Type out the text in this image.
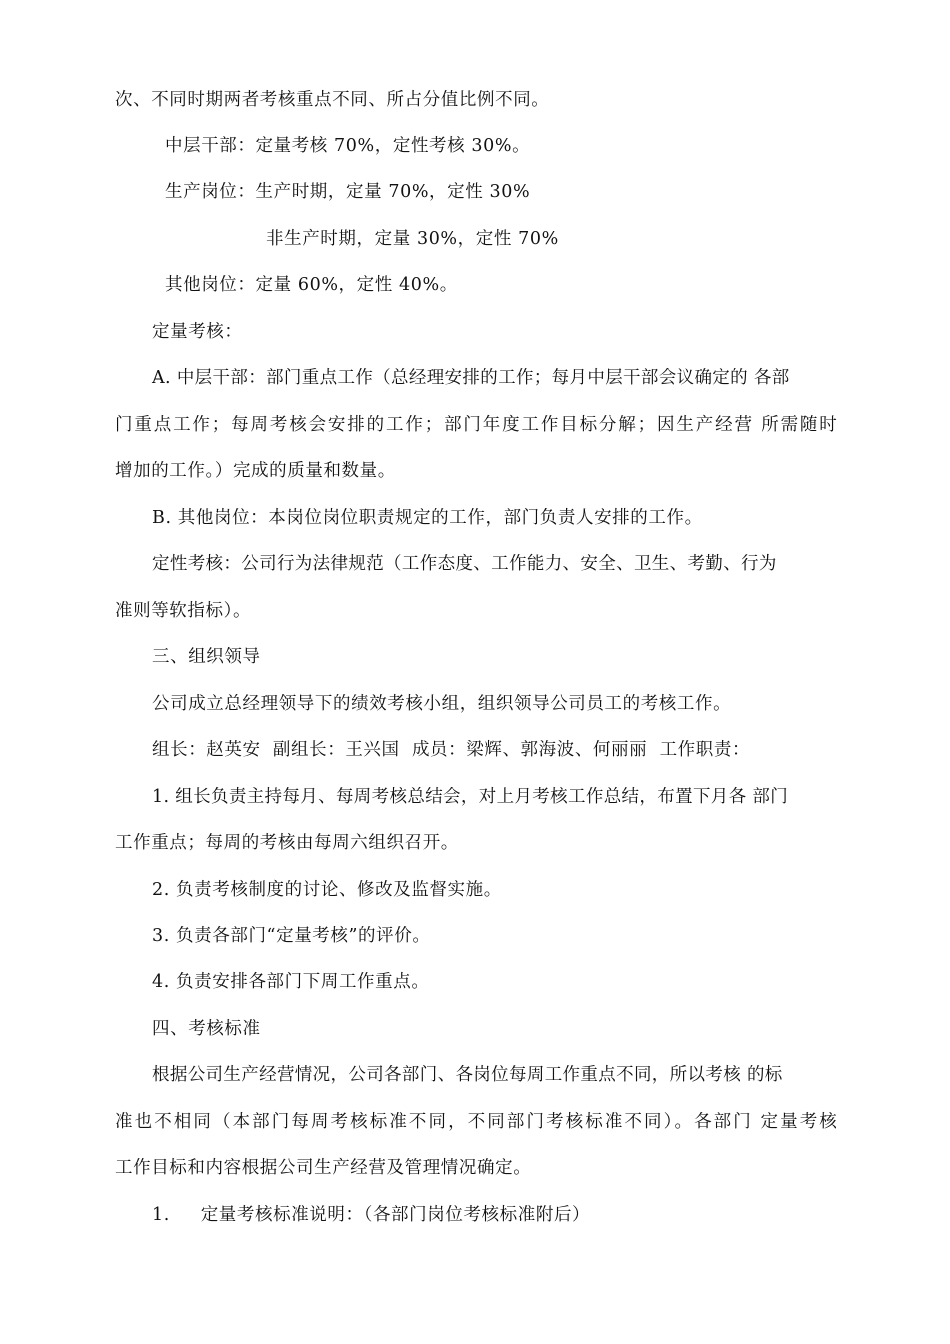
次、不同时期两者考核重点不同、所占分值比例不同。
中层干部：定量考核 70%，定性考核 30%。
生产岗位：生产时期，定量 70%，定性 30%
非生产时期，定量 30%，定性 70%
其他岗位：定量 60%，定性 40%。
定量考核：
A. 中层干部：部门重点工作（总经理安排的工作；每月中层干部会议确定的 各部
门重点工作；每周考核会安排的工作；部门年度工作目标分解；因生产经营 所需随时
增加的工作。）完成的质量和数量。
B. 其他岗位：本岗位岗位职责规定的工作，部门负责人安排的工作。
定性考核：公司行为法律规范（工作态度、工作能力、安全、卫生、考勤、行为
准则等软指标）。
三、组织领导
公司成立总经理领导下的绩效考核小组，组织领导公司员工的考核工作。
组长：赵英安  副组长：王兴国  成员：梁辉、郭海波、何丽丽  工作职责：
1. 组长负责主持每月、每周考核总结会，对上月考核工作总结，布置下月各 部门
工作重点；每周的考核由每周六组织召开。
2. 负责考核制度的讨论、修改及监督实施。
3. 负责各部门“定量考核”的评价。
4. 负责安排各部门下周工作重点。
四、考核标准
根据公司生产经营情况，公司各部门、各岗位每周工作重点不同，所以考核 的标
准也不相同（本部门每周考核标准不同，不同部门考核标准不同）。各部门 定量考核
工作目标和内容根据公司生产经营及管理情况确定。
1.     定量考核标准说明：（各部门岗位考核标准附后）
